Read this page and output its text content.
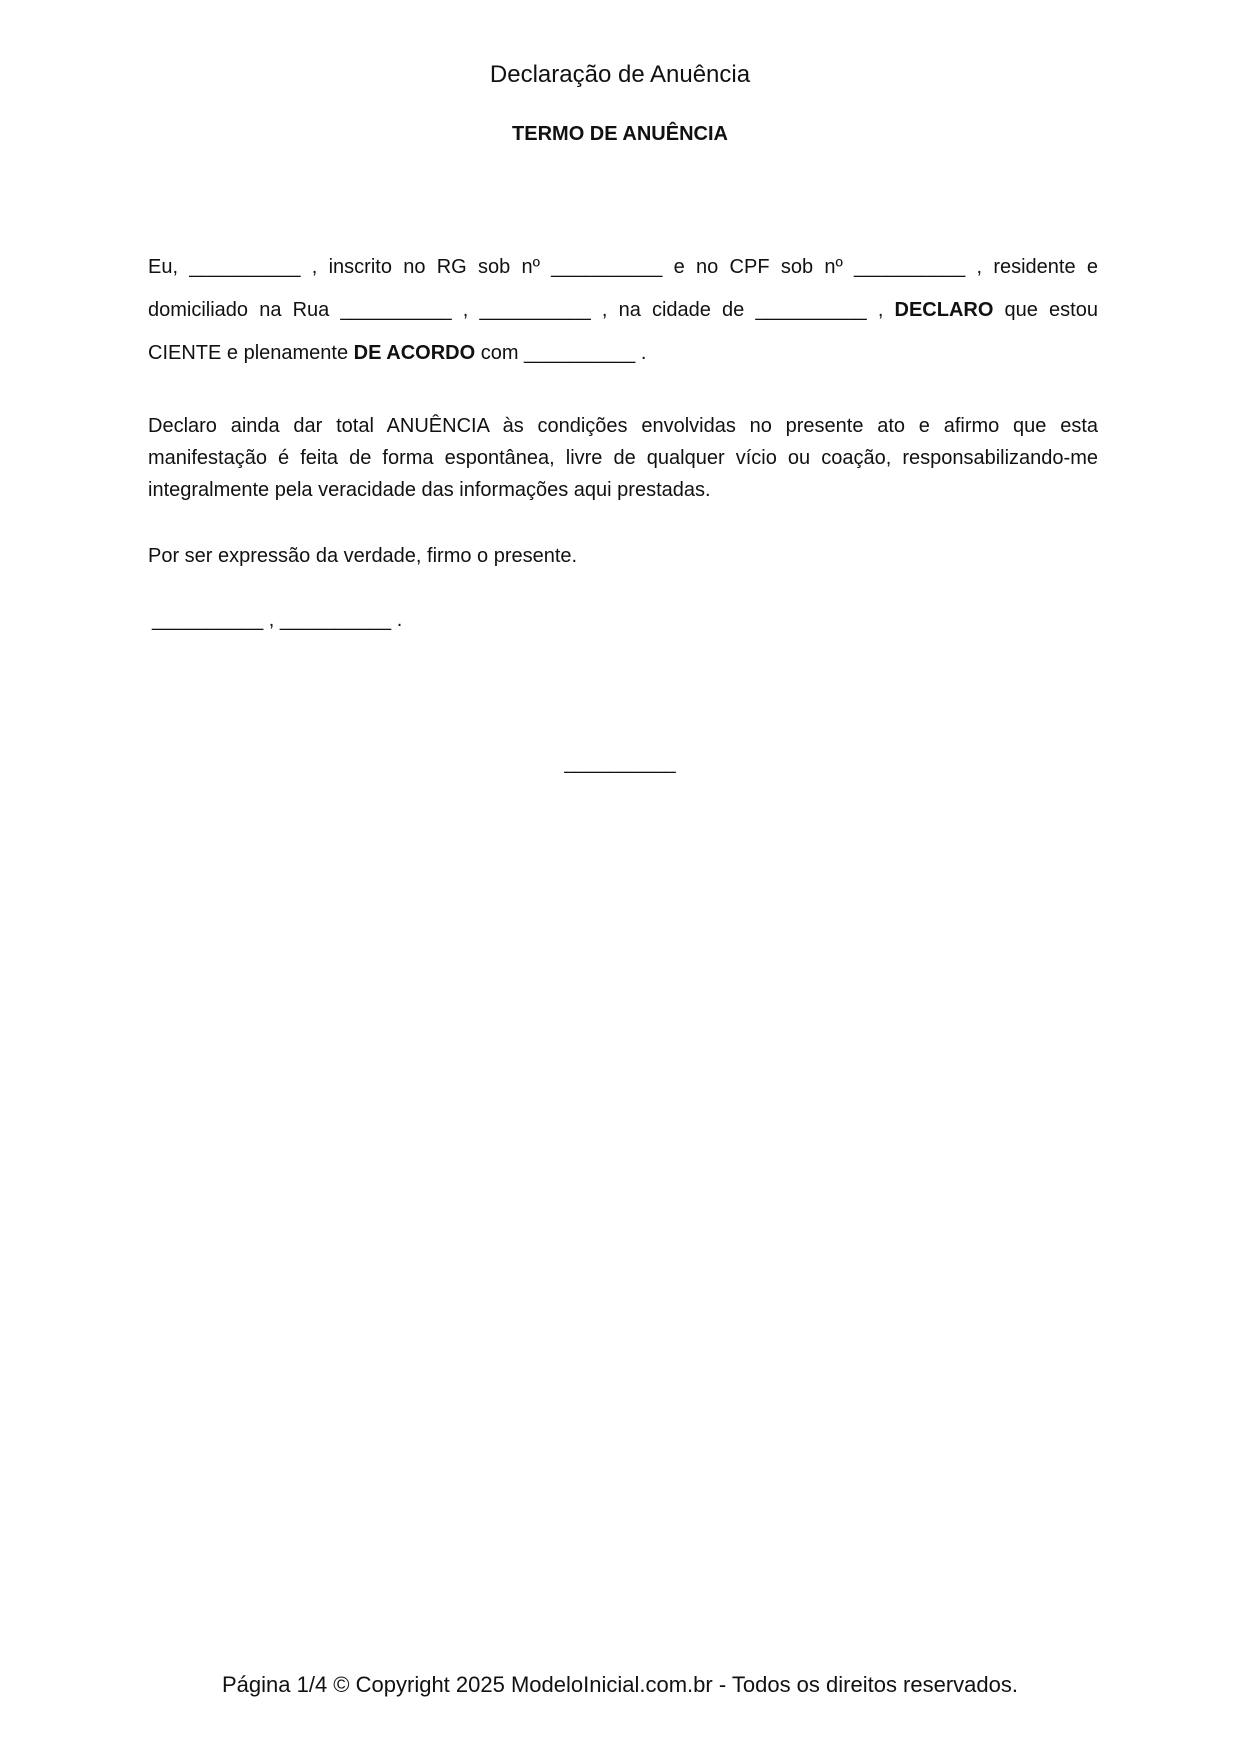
Declaração de Anuência
TERMO DE ANUÊNCIA
Eu, __________ , inscrito no RG sob nº __________ e no CPF sob nº __________ , residente e domiciliado na Rua __________ , __________ , na cidade de __________ , DECLARO que estou CIENTE e plenamente DE ACORDO com __________ .
Declaro ainda dar total ANUÊNCIA às condições envolvidas no presente ato e afirmo que esta manifestação é feita de forma espontânea, livre de qualquer vício ou coação, responsabilizando-me integralmente pela veracidade das informações aqui prestadas.
Por ser expressão da verdade, firmo o presente.
__________ , __________ .
__________
Página 1/4 © Copyright 2025 ModeloInicial.com.br - Todos os direitos reservados.
